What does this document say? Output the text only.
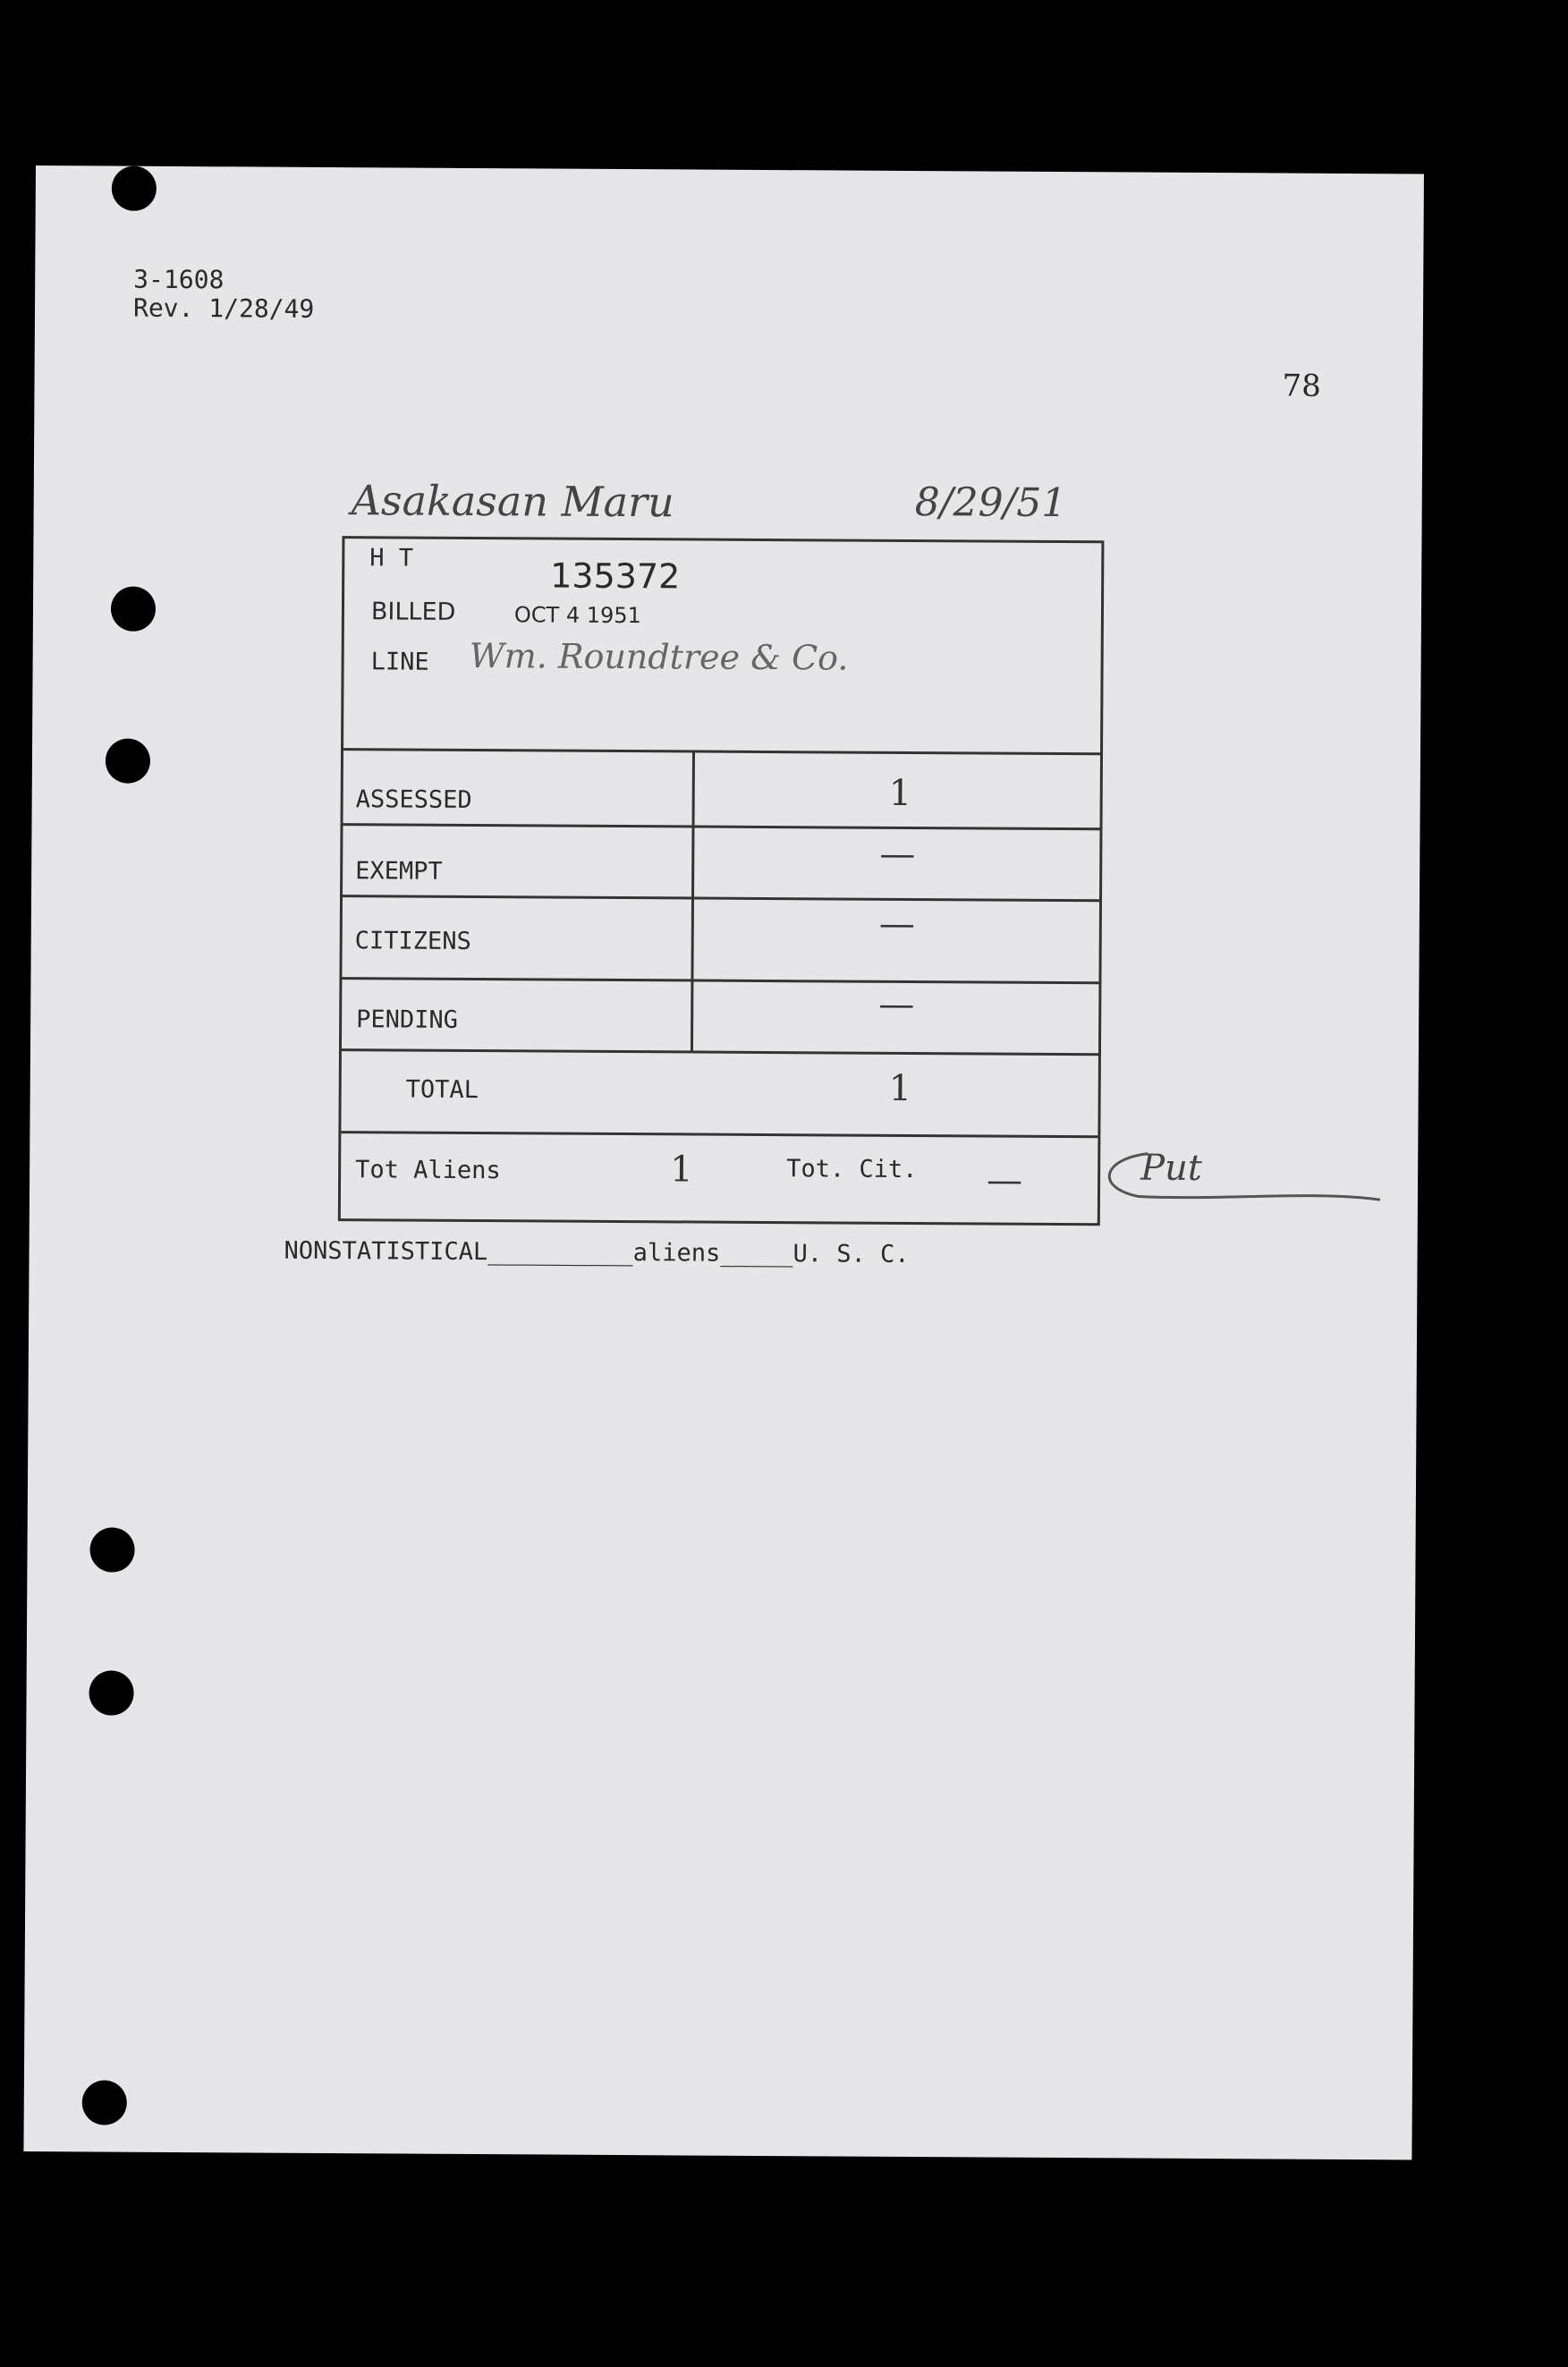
3-1608
Rev. 1/28/49
78
Asakasan Maru	8/29/51
H T	135372
BILLED	OCT 4 1951
LINE Wm. Roundtree & Co.
ASSESSED	1
EXEMPT	—
CITIZENS	—
PENDING	—
TOTAL	1
Tot Aliens	1	Tot. Cit. —	Put
NONSTATISTICAL__________aliens_____U. S. C.
